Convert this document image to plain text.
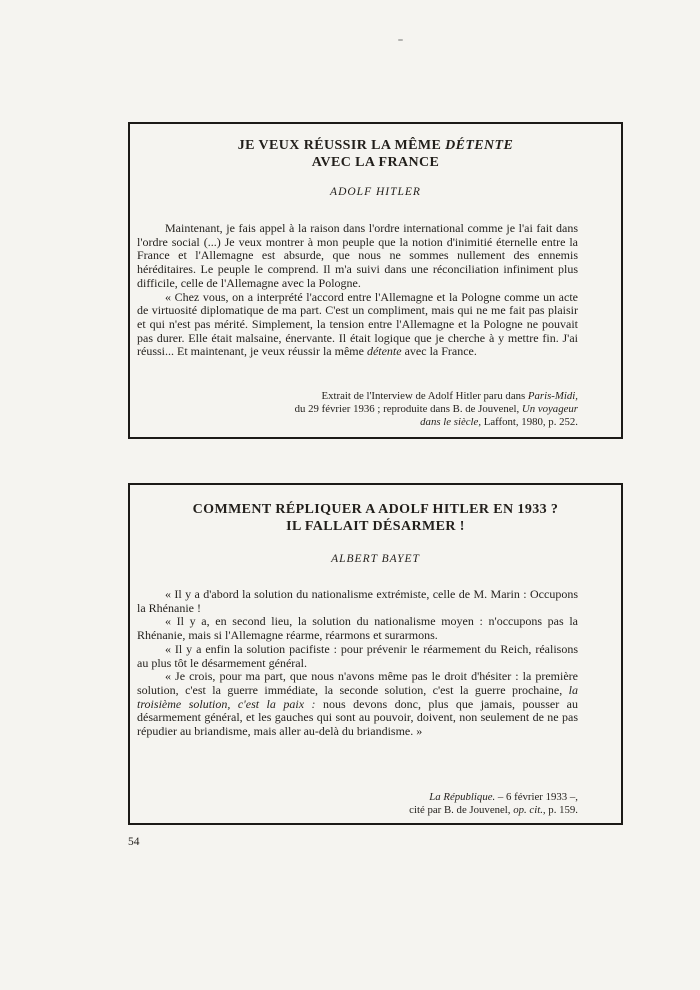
JE VEUX RÉUSSIR LA MÊME DÉTENTE
AVEC LA FRANCE
ADOLF HITLER

Maintenant, je fais appel à la raison dans l'ordre international comme je l'ai fait dans l'ordre social (...) Je veux montrer à mon peuple que la notion d'inimitié éternelle entre la France et l'Allemagne est absurde, que nous ne sommes nullement des ennemis héréditaires. Le peuple le comprend. Il m'a suivi dans une réconciliation infiniment plus difficile, celle de l'Allemagne avec la Pologne.

« Chez vous, on a interprété l'accord entre l'Allemagne et la Pologne comme un acte de virtuosité diplomatique de ma part. C'est un compliment, mais qui ne me fait pas plaisir et qui n'est pas mérité. Simplement, la tension entre l'Allemagne et la Pologne ne pouvait pas durer. Elle était malsaine, énervante. Il était logique que je cherche à y mettre fin. J'ai réussi... Et maintenant, je veux réussir la même détente avec la France.

Extrait de l'Interview de Adolf Hitler paru dans Paris-Midi,
du 29 février 1936 ; reproduite dans B. de Jouvenel, Un voyageur
dans le siècle, Laffont, 1980, p. 252.
COMMENT RÉPLIQUER A ADOLF HITLER EN 1933 ?
IL FALLAIT DÉSARMER !
ALBERT BAYET

« Il y a d'abord la solution du nationalisme extrémiste, celle de M. Marin : Occupons la Rhénanie !

« Il y a, en second lieu, la solution du nationalisme moyen : n'occupons pas la Rhénanie, mais si l'Allemagne réarme, réarmons et surarmons.

« Il y a enfin la solution pacifiste : pour prévenir le réarmement du Reich, réalisons au plus tôt le désarmement général.

« Je crois, pour ma part, que nous n'avons même pas le droit d'hésiter : la première solution, c'est la guerre immédiate, la seconde solution, c'est la guerre prochaine, la troisième solution, c'est la paix : nous devons donc, plus que jamais, pousser au désarmement général, et les gauches qui sont au pouvoir, doivent, non seulement de ne pas répudier au briandisme, mais aller au-delà du briandisme. »

La République. – 6 février 1933 –,
cité par B. de Jouvenel, op. cit., p. 159.
54
